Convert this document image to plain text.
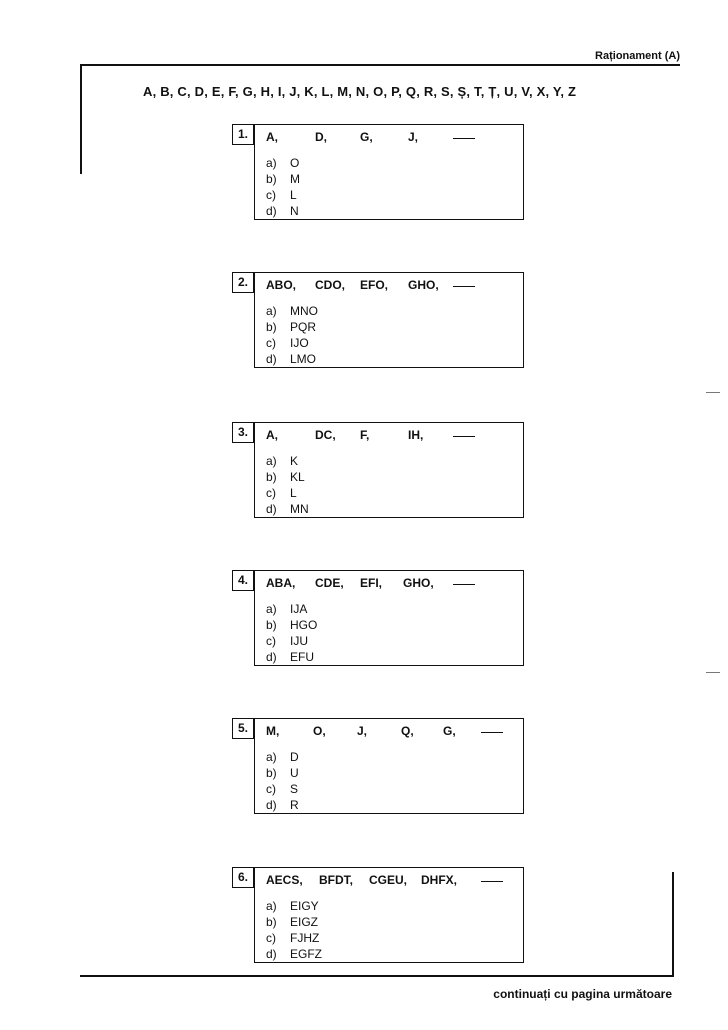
Raționament (A)
A, B, C, D, E, F, G, H, I, J, K, L, M, N, O, P, Q, R, S, Ș, T, Ț, U, V, X, Y, Z
1.	A,	D,	G,	J,
a) O
b) M
c) L
d) N
2.	ABO, CDO, EFO, GHO,
a) MNO
b) PQR
c) IJO
d) LMO
3.	A,	DC, F,	IH,
a) K
b) KL
c) L
d) MN
4.	ABA, CDE, EFI, GHO,
a) IJA
b) HGO
c) IJU
d) EFU
5.	M,	O,	J,	Q, G,
a) D
b) U
c) S
d) R
6.	AECS, BFDT, CGEU, DHFX,
a) EIGY
b) EIGZ
c) FJHZ
d) EGFZ
continuați cu pagina următoare
